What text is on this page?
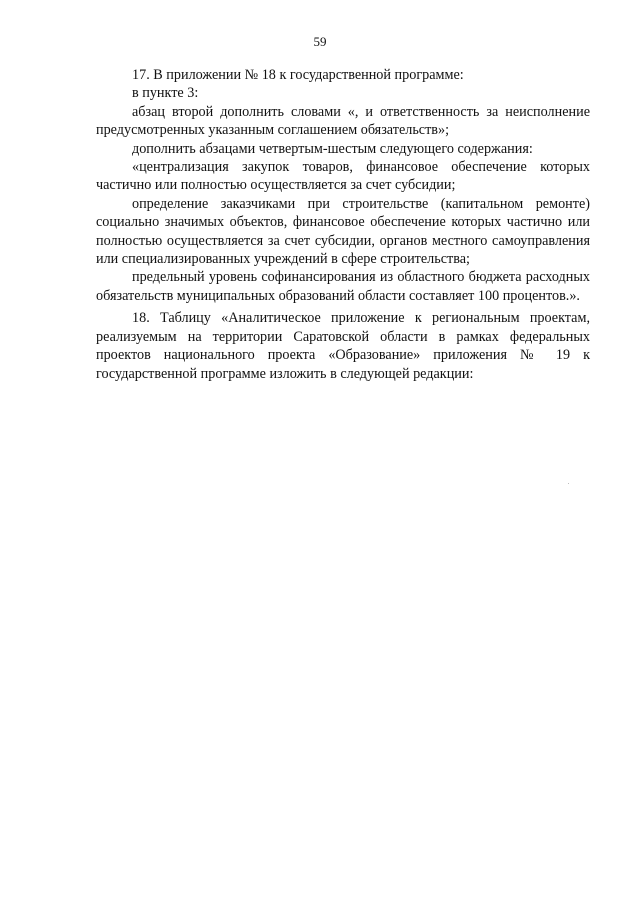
59

17. В приложении № 18 к государственной программе:

в пункте 3:

абзац второй дополнить словами «, и ответственность за неисполнение предусмотренных указанным соглашением обязательств»;

дополнить абзацами четвертым-шестым следующего содержания:

«централизация закупок товаров, финансовое обеспечение которых частично или полностью осуществляется за счет субсидии;

определение заказчиками при строительстве (капитальном ремонте) социально значимых объектов, финансовое обеспечение которых частично или полностью осуществляется за счет субсидии, органов местного самоуправления или специализированных учреждений в сфере строительства;

предельный уровень софинансирования из областного бюджета расходных обязательств муниципальных образований области составляет 100 процентов.».

18. Таблицу «Аналитическое приложение к региональным проектам, реализуемым на территории Саратовской области в рамках федеральных проектов национального проекта «Образование» приложения № 19 к государственной программе изложить в следующей редакции:
